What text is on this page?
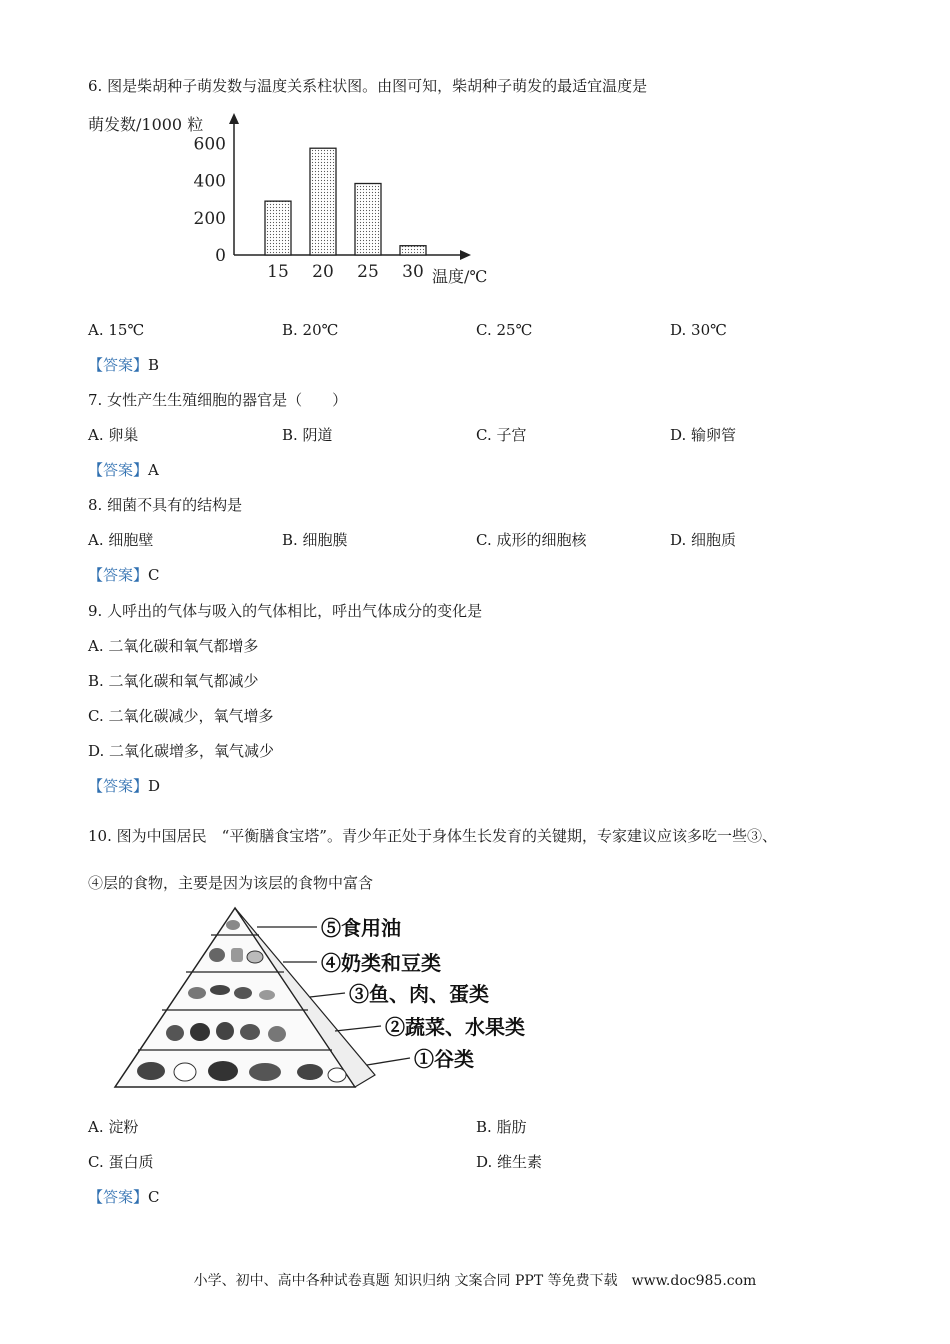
6. 图是柴胡种子萌发数与温度关系柱状图。由图可知，柴胡种子萌发的最适宜温度是
萌发数/1000 粒
温度/℃
0
200
400
600
15 20 25 30
A. 15℃	B. 20℃	C. 25℃	D. 30℃
【答案】B
7. 女性产生生殖细胞的器官是（　　）
A. 卵巢	B. 阴道	C. 子宫	D. 输卵管
【答案】A
8. 细菌不具有的结构是
A. 细胞壁	B. 细胞膜	C. 成形的细胞核	D. 细胞质
【答案】C
9. 人呼出的气体与吸入的气体相比，呼出气体成分的变化是
A. 二氧化碳和氧气都增多
B. 二氧化碳和氧气都减少
C. 二氧化碳减少，氧气增多
D. 二氧化碳增多，氧气减少
【答案】D
10. 图为中国居民　“平衡膳食宝塔”。青少年正处于身体生长发育的关键期，专家建议应该多吃一些③、
④层的食物，主要是因为该层的食物中富含
⑤食用油
④奶类和豆类
③鱼、肉、蛋类
②蔬菜、水果类
①谷类
A. 淀粉	B. 脂肪
C. 蛋白质	D. 维生素
【答案】C
小学、初中、高中各种试卷真题 知识归纳 文案合同 PPT 等免费下载　www.doc985.com
